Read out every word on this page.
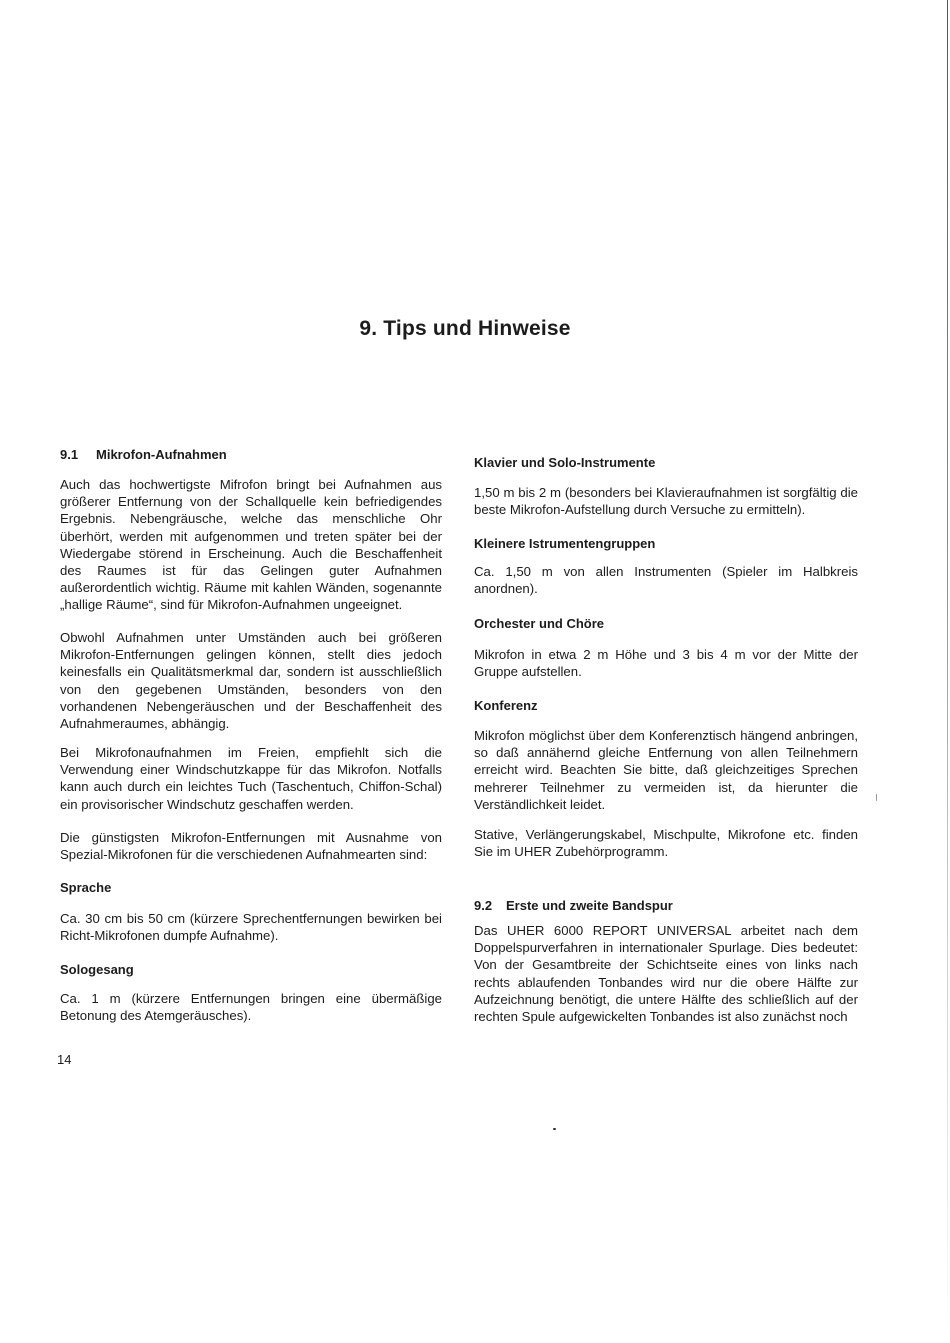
9. Tips und Hinweise
9.1 Mikrofon-Aufnahmen

Auch das hochwertigste Mifrofon bringt bei Aufnahmen aus größerer Entfernung von der Schallquelle kein befriedigendes Ergebnis. Nebengräusche, welche das menschliche Ohr überhört, werden mit aufgenommen und treten später bei der Wiedergabe störend in Erscheinung. Auch die Beschaffenheit des Raumes ist für das Gelingen guter Aufnahmen außerordentlich wichtig. Räume mit kahlen Wänden, sogenannte „hallige Räume“, sind für Mikrofon-Aufnahmen ungeeignet.

Obwohl Aufnahmen unter Umständen auch bei größeren Mikrofon-Entfernungen gelingen können, stellt dies jedoch keinesfalls ein Qualitätsmerkmal dar, sondern ist ausschließlich von den gegebenen Umständen, besonders von den vorhandenen Nebengeräuschen und der Beschaffenheit des Aufnahmeraumes, abhängig.

Bei Mikrofonaufnahmen im Freien, empfiehlt sich die Verwendung einer Windschutzkappe für das Mikrofon. Notfalls kann auch durch ein leichtes Tuch (Taschentuch, Chiffon-Schal) ein provisorischer Windschutz geschaffen werden.

Die günstigsten Mikrofon-Entfernungen mit Ausnahme von Spezial-Mikrofonen für die verschiedenen Aufnahmearten sind:

Sprache

Ca. 30 cm bis 50 cm (kürzere Sprechentfernungen bewirken bei Richt-Mikrofonen dumpfe Aufnahme).

Sologesang

Ca. 1 m (kürzere Entfernungen bringen eine übermäßige Betonung des Atemgeräusches).

Klavier und Solo-Instrumente

1,50 m bis 2 m (besonders bei Klavieraufnahmen ist sorgfältig die beste Mikrofon-Aufstellung durch Versuche zu ermitteln).

Kleinere Istrumentengruppen

Ca. 1,50 m von allen Instrumenten (Spieler im Halbkreis anordnen).

Orchester und Chöre

Mikrofon in etwa 2 m Höhe und 3 bis 4 m vor der Mitte der Gruppe aufstellen.

Konferenz

Mikrofon möglichst über dem Konferenztisch hängend anbringen, so daß annähernd gleiche Entfernung von allen Teilnehmern erreicht wird. Beachten Sie bitte, daß gleichzeitiges Sprechen mehrerer Teilnehmer zu vermeiden ist, da hierunter die Verständlichkeit leidet.

Stative, Verlängerungskabel, Mischpulte, Mikrofone etc. finden Sie im UHER Zubehörprogramm.

9.2 Erste und zweite Bandspur

Das UHER 6000 REPORT UNIVERSAL arbeitet nach dem Doppelspurverfahren in internationaler Spurlage. Dies bedeutet: Von der Gesamtbreite der Schichtseite eines von links nach rechts ablaufenden Tonbandes wird nur die obere Hälfte zur Aufzeichnung benötigt, die untere Hälfte des schließlich auf der rechten Spule aufgewickelten Tonbandes ist also zunächst noch

14
